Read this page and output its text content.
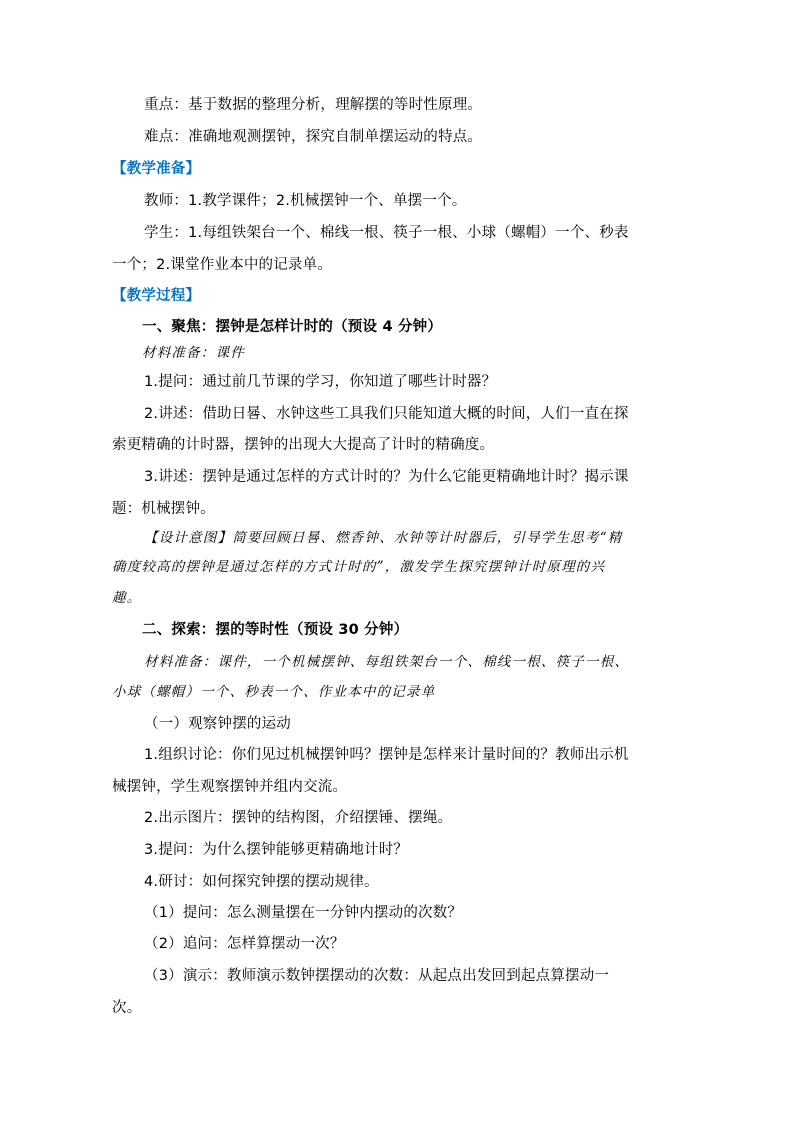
重点：基于数据的整理分析，理解摆的等时性原理。
难点：准确地观测摆钟，探究自制单摆运动的特点。
【教学准备】
教师：1.教学课件；2.机械摆钟一个、单摆一个。
学生：1.每组铁架台一个、棉线一根、筷子一根、小球（螺帽）一个、秒表
一个；2.课堂作业本中的记录单。
【教学过程】
一、聚焦：摆钟是怎样计时的（预设 4 分钟）
材料准备：课件
1.提问：通过前几节课的学习，你知道了哪些计时器？
2.讲述：借助日晷、水钟这些工具我们只能知道大概的时间，人们一直在探
索更精确的计时器，摆钟的出现大大提高了计时的精确度。
3.讲述：摆钟是通过怎样的方式计时的？为什么它能更精确地计时？揭示课
题：机械摆钟。
【设计意图】简要回顾日晷、燃香钟、水钟等计时器后，引导学生思考“精
确度较高的摆钟是通过怎样的方式计时的”，激发学生探究摆钟计时原理的兴
趣。
二、探索：摆的等时性（预设 30 分钟）
材料准备：课件，一个机械摆钟、每组铁架台一个、棉线一根、筷子一根、
小球（螺帽）一个、秒表一个、作业本中的记录单
（一）观察钟摆的运动
1.组织讨论：你们见过机械摆钟吗？摆钟是怎样来计量时间的？教师出示机
械摆钟，学生观察摆钟并组内交流。
2.出示图片：摆钟的结构图，介绍摆锤、摆绳。
3.提问：为什么摆钟能够更精确地计时？
4.研讨：如何探究钟摆的摆动规律。
（1）提问：怎么测量摆在一分钟内摆动的次数？
（2）追问：怎样算摆动一次？
（3）演示：教师演示数钟摆摆动的次数：从起点出发回到起点算摆动一
次。
